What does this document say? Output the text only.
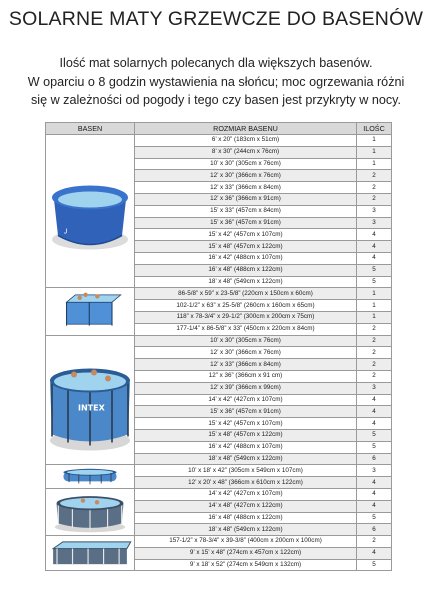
SOLARNE MATY GRZEWCZE DO BASENÓW
Ilość mat solarnych polecanych dla większych basenów.
W oparciu o 8 godzin wystawienia na słońcu; moc ogrzewania różni
się w zależności od pogody i tego czy basen jest przykryty w nocy.
BASEN	ROZMIAR BASENU	ILOŚC

ᴊ	6’ x 20” (183cm x 51cm)	1
	8’ x 30” (244cm x 76cm)	1
	10’ x 30” (305cm x 76cm)	1
	12’ x 30” (366cm x 76cm)	2
	12’ x 33” (366cm x 84cm)	2
	12’ x 36” (366cm x 91cm)	2
	15’ x 33” (457cm x 84cm)	3
	15’ x 36” (457cm x 91cm)	3
	15’ x 42” (457cm x 107cm)	4
	15’ x 48” (457cm x 122cm)	4
	16’ x 42” (488cm x 107cm)	4
	16’ x 48” (488cm x 122cm)	5
	18’ x 48” (549cm x 122cm)	5

	86-5/8” x 59” x 23-5/8” (220cm x 150cm x 60cm)	1
	102-1/2” x 63” x 25-5/8” (260cm x 160cm x 65cm)	1
	118” x 78-3/4” x 29-1/2” (300cm x 200cm x 75cm)	1
	177-1/4” x 86-5/8” x 33” (450cm x 220cm x 84cm)	2

INTEX	10’ x 30” (305cm x 76cm)	2
	12’ x 30” (366cm x 76cm)	2
	12’ x 33” (366cm x 84cm)	2
	12” x 36” (366cm x 91 cm)	2
	12’ x 39” (366cm x 99cm)	3
	14’ x 42” (427cm x 107cm)	4
	15’ x 36” (457cm x 91cm)	4
	15’ x 42” (457cm x 107cm)	4
	15’ x 48” (457cm x 122cm)	5
	16’ x 42” (488cm x 107cm)	5
	18’ x 48” (549cm x 122cm)	6

	10’ x 18’ x 42” (305cm x 549cm x 107cm)	3
	12’ x 20’ x 48” (366cm x 610cm x 122cm)	4

	14’ x 42” (427cm x 107cm)	4
	14’ x 48” (427cm x 122cm)	4
	16’ x 48” (488cm x 122cm)	5
	18’ x 48” (549cm x 122cm)	6

	157-1/2” x 78-3/4” x 39-3/8” (400cm x 200cm x 100cm)	2
	9’ x 15’ x 48” (274cm x 457cm x 122cm)	4
	9’ x 18’ x 52” (274cm x 549cm x 132cm)	5
